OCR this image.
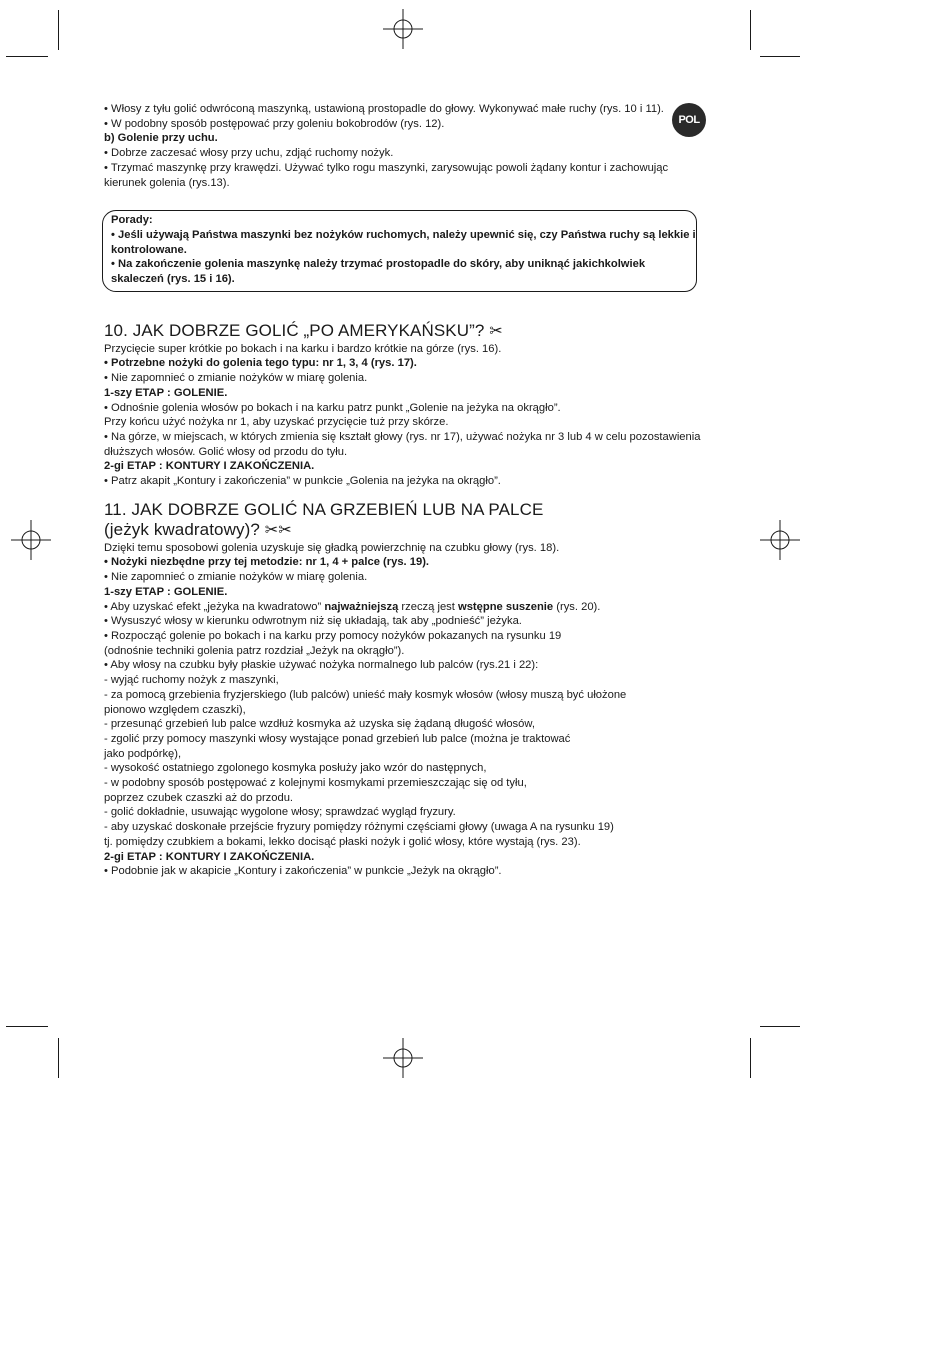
POL

• Włosy z tyłu golić odwróconą maszynką, ustawioną prostopadle do głowy. Wykonywać małe ruchy (rys. 10 i 11).

• W podobny sposób postępować przy goleniu bokobrodów (rys. 12).

b) Golenie przy uchu.

• Dobrze zaczesać włosy przy uchu, zdjąć ruchomy nożyk.

• Trzymać maszynkę przy krawędzi. Używać tylko rogu maszynki, zarysowując powoli żądany kontur i zachowując kierunek golenia (rys.13).

Porady:

• Jeśli używają Państwa maszynki bez nożyków ruchomych, należy upewnić się, czy Państwa ruchy są lekkie i kontrolowane.

• Na zakończenie golenia maszynkę należy trzymać prostopadle do skóry, aby uniknąć jakichkolwiek skaleczeń (rys. 15 i 16).

10. JAK DOBRZE GOLIĆ „PO AMERYKAŃSKU”? ✂

Przycięcie super krótkie po bokach i na karku i bardzo krótkie na górze (rys. 16).

• Potrzebne nożyki do golenia tego typu: nr 1, 3, 4 (rys. 17).

• Nie zapomnieć o zmianie nożyków w miarę golenia.

1-szy ETAP : GOLENIE.

• Odnośnie golenia włosów po bokach i na karku patrz punkt „Golenie na jeżyka na okrągło”.

Przy końcu użyć nożyka nr 1, aby uzyskać przycięcie tuż przy skórze.

• Na górze, w miejscach, w których zmienia się kształt głowy (rys. nr 17), używać nożyka nr 3 lub 4 w celu pozostawienia dłuższych włosów. Golić włosy od przodu do tyłu.

2-gi ETAP : KONTURY I ZAKOŃCZENIA.

• Patrz akapit „Kontury i zakończenia” w punkcie „Golenia na jeżyka na okrągło”.

11. JAK DOBRZE GOLIĆ NA GRZEBIEŃ LUB NA PALCE
(jeżyk kwadratowy)? ✂✂

Dzięki temu sposobowi golenia uzyskuje się gładką powierzchnię na czubku głowy (rys. 18).

• Nożyki niezbędne przy tej metodzie: nr 1, 4 + palce (rys. 19).

• Nie zapomnieć o zmianie nożyków w miarę golenia.

1-szy ETAP : GOLENIE.

• Aby uzyskać efekt „jeżyka na kwadratowo” najważniejszą rzeczą jest wstępne suszenie (rys. 20).

• Wysuszyć włosy w kierunku odwrotnym niż się układają, tak aby „podnieść” jeżyka.

• Rozpocząć golenie po bokach i na karku przy pomocy nożyków pokazanych na rysunku 19

(odnośnie techniki golenia patrz rozdział „Jeżyk na okrągło”).

• Aby włosy na czubku były płaskie używać nożyka normalnego lub palców (rys.21 i 22):

- wyjąć ruchomy nożyk z maszynki,

- za pomocą grzebienia fryzjerskiego (lub palców) unieść mały kosmyk włosów (włosy muszą być ułożone

pionowo względem czaszki),

- przesunąć grzebień lub palce wzdłuż kosmyka aż uzyska się żądaną długość włosów,

- zgolić przy pomocy maszynki włosy wystające ponad grzebień lub palce (można je traktować

jako podpórkę),

- wysokość ostatniego zgolonego kosmyka posłuży jako wzór do następnych,

- w podobny sposób postępować z kolejnymi kosmykami przemieszczając się od tyłu,

poprzez czubek czaszki aż do przodu.

- golić dokładnie, usuwając wygolone włosy; sprawdzać wygląd fryzury.

- aby uzyskać doskonałe przejście fryzury pomiędzy różnymi częściami głowy (uwaga A na rysunku 19)

tj. pomiędzy czubkiem a bokami, lekko docisąć płaski nożyk i golić włosy, które wystają (rys. 23).

2-gi ETAP : KONTURY I ZAKOŃCZENIA.

• Podobnie jak w akapicie „Kontury i zakończenia” w punkcie „Jeżyk na okrągło”.
